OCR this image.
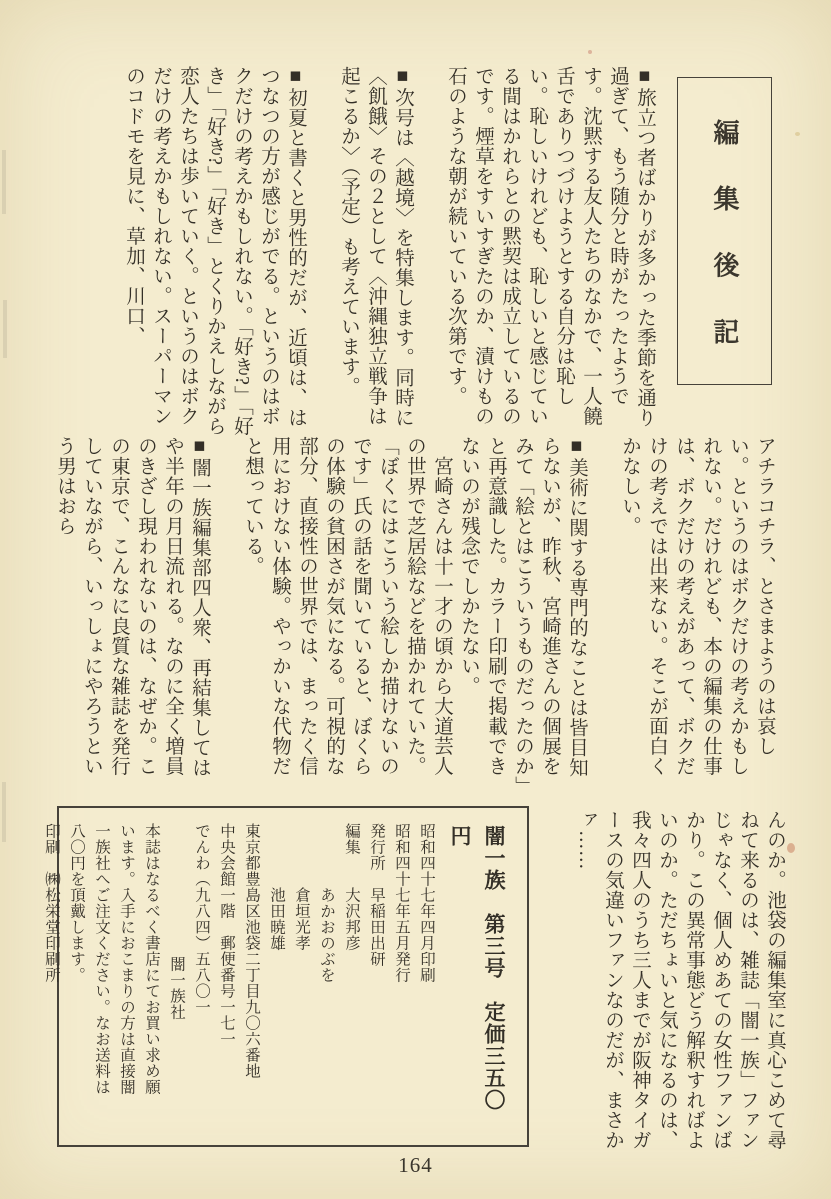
編集後記

■旅立つ者ばかりが多かった季節を通り過ぎて、もう随分と時がたったようです。沈黙する友人たちのなかで、一人饒舌でありつづけようとする自分は恥しい。恥しいけれども、恥しいと感じている間はかれらとの黙契は成立しているのです。煙草をすいすぎたのか、漬けもの石のような朝が続いている次第です。

■次号は〈越境〉を特集します。同時に〈飢餓〉その２として〈沖縄独立戦争は起こるか〉（予定）も考えています。

■初夏と書くと男性的だが、近頃は、はつなつの方が感じがでる。というのはボクだけの考えかもしれない。「好き?」「好き」「好き?」「好き」とくりかえしながら恋人たちは歩いていく。というのはボクだけの考えかもしれない。スーパーマンのコドモを見に、草加、川口、

アチラコチラ、とさまようのは哀しい。というのはボクだけの考えかもしれない。だけれども、本の編集の仕事は、ボクだけの考えがあって、ボクだけの考えでは出来ない。そこが面白くかなしい。

■美術に関する専門的なことは皆目知らないが、昨秋、宮崎進さんの個展をみて「絵とはこういうものだったのか」と再意識した。カラー印刷で掲載できないのが残念でしかたない。

　宮崎さんは十一才の頃から大道芸人の世界で芝居絵などを描かれていた。「ぼくにはこういう絵しか描けないのです」氏の話を聞いていると、ぼくらの体験の貧困さが気になる。可視的な部分、直接性の世界では、まったく信用におけない体験。やっかいな代物だと想っている。

■闇一族編集部四人衆、再結集してはや半年の月日流れる。なのに全く増員のきざし現われないのは、なぜか。この東京で、こんなに良質な雑誌を発行していながら、いっしょにやろうという男はおら

んのか。池袋の編集室に真心こめて尋ねて来るのは、雑誌「闇一族」ファンじゃなく、個人めあての女性ファンばかり。この異常事態どう解釈すればよいのか。ただちょいと気になるのは、我々四人のうち三人までが阪神タイガースの気違いファンなのだが、まさかァ……

闇一族　第三号　定価三五〇円

昭和四十七年四月印刷

昭和四十七年五月発行

発行所早稲田出研

編集大沢邦彦

あかおのぶを

倉垣光孝

池田暁雄

東京都豊島区池袋二丁目九〇六番地

中央会館一階　郵便番号一七一

でんわ（九八四）五八〇一

闇一族社

本誌はなるべく書店にてお買い求め願います。入手におこまりの方は直接闇一族社へご注文ください。なお送料は八〇円を頂戴します。

印刷㈱松栄堂印刷所

164
